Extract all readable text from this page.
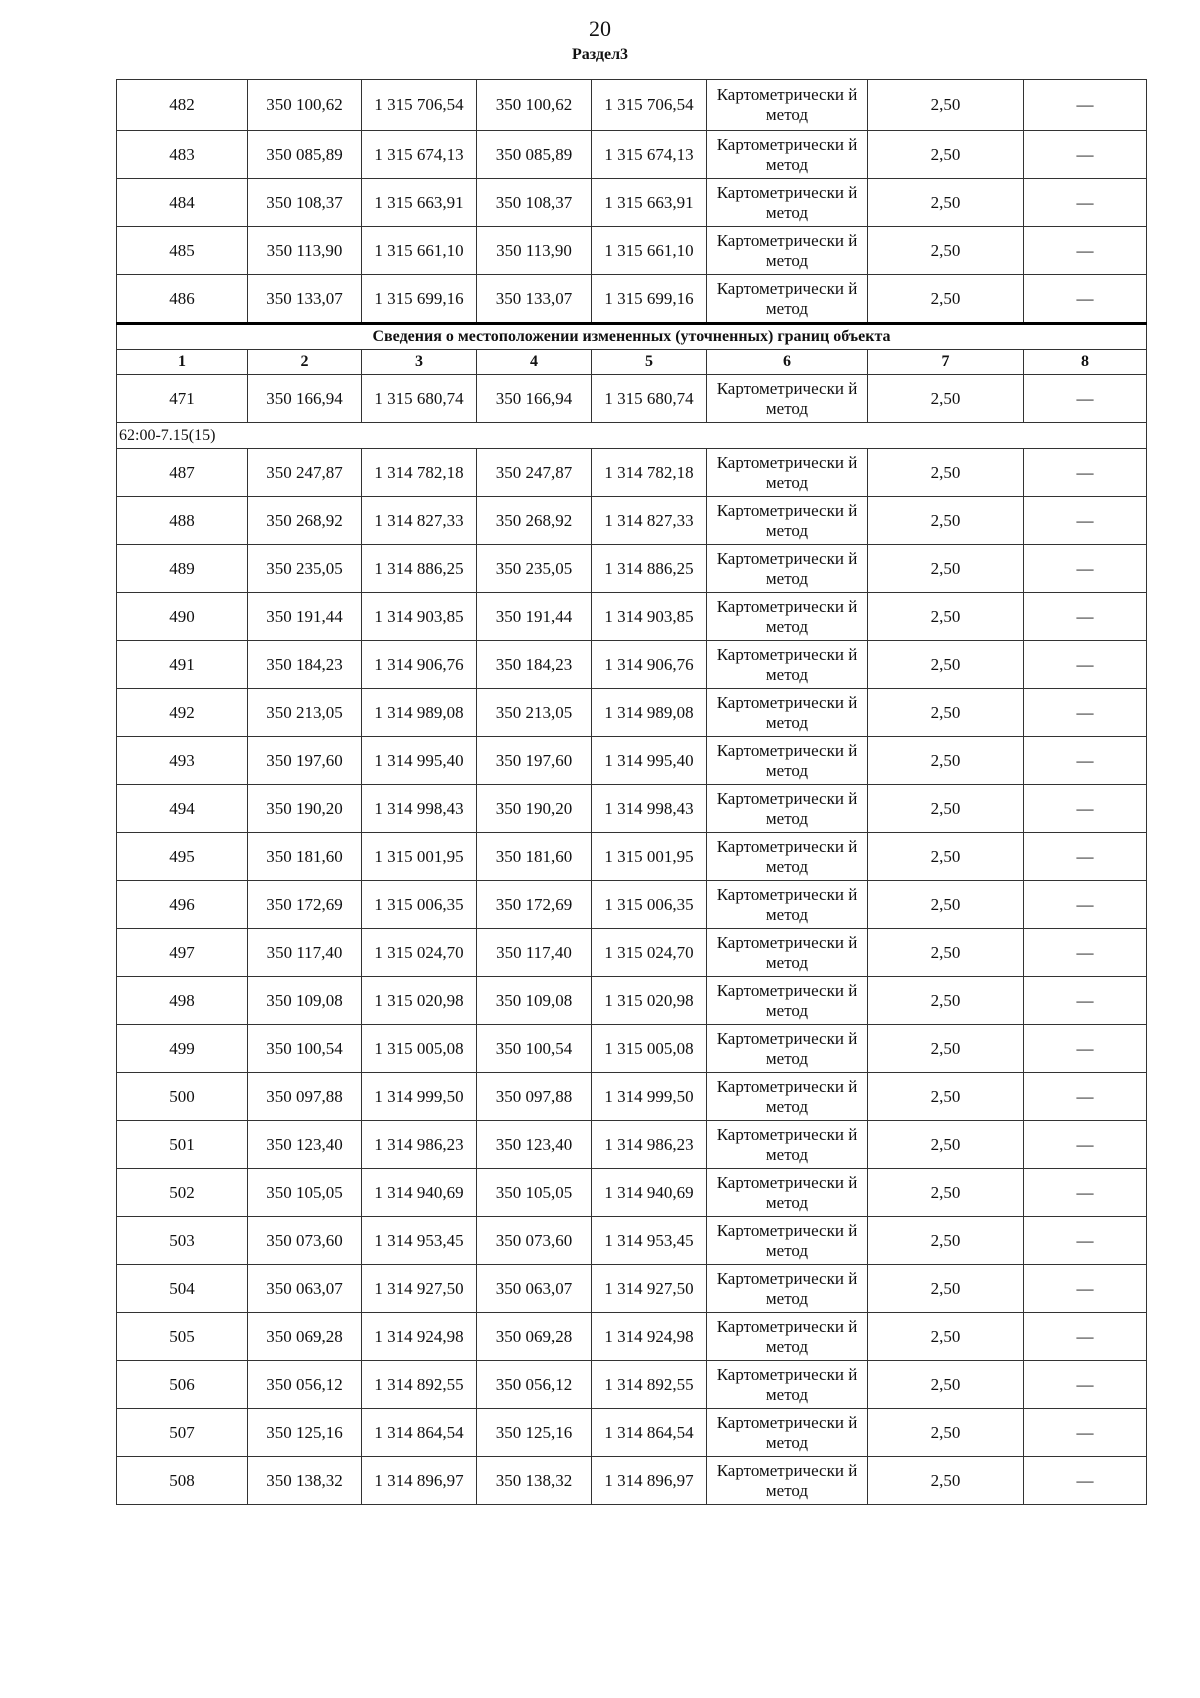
20
Раздел3
482	350 100,62	1 315 706,54	350 100,62	1 315 706,54	Картометрически й метод	2,50	—
483	350 085,89	1 315 674,13	350 085,89	1 315 674,13	Картометрически й метод	2,50	—
484	350 108,37	1 315 663,91	350 108,37	1 315 663,91	Картометрически й метод	2,50	—
485	350 113,90	1 315 661,10	350 113,90	1 315 661,10	Картометрически й метод	2,50	—
486	350 133,07	1 315 699,16	350 133,07	1 315 699,16	Картометрически й метод	2,50	—
Сведения о местоположении измененных (уточненных) границ объекта							
1	2	3	4	5	6	7	8
471	350 166,94	1 315 680,74	350 166,94	1 315 680,74	Картометрически й метод	2,50	—
62:00-7.15(15)							
487	350 247,87	1 314 782,18	350 247,87	1 314 782,18	Картометрически й метод	2,50	—
488	350 268,92	1 314 827,33	350 268,92	1 314 827,33	Картометрически й метод	2,50	—
489	350 235,05	1 314 886,25	350 235,05	1 314 886,25	Картометрически й метод	2,50	—
490	350 191,44	1 314 903,85	350 191,44	1 314 903,85	Картометрически й метод	2,50	—
491	350 184,23	1 314 906,76	350 184,23	1 314 906,76	Картометрически й метод	2,50	—
492	350 213,05	1 314 989,08	350 213,05	1 314 989,08	Картометрически й метод	2,50	—
493	350 197,60	1 314 995,40	350 197,60	1 314 995,40	Картометрически й метод	2,50	—
494	350 190,20	1 314 998,43	350 190,20	1 314 998,43	Картометрически й метод	2,50	—
495	350 181,60	1 315 001,95	350 181,60	1 315 001,95	Картометрически й метод	2,50	—
496	350 172,69	1 315 006,35	350 172,69	1 315 006,35	Картометрически й метод	2,50	—
497	350 117,40	1 315 024,70	350 117,40	1 315 024,70	Картометрически й метод	2,50	—
498	350 109,08	1 315 020,98	350 109,08	1 315 020,98	Картометрически й метод	2,50	—
499	350 100,54	1 315 005,08	350 100,54	1 315 005,08	Картометрически й метод	2,50	—
500	350 097,88	1 314 999,50	350 097,88	1 314 999,50	Картометрически й метод	2,50	—
501	350 123,40	1 314 986,23	350 123,40	1 314 986,23	Картометрически й метод	2,50	—
502	350 105,05	1 314 940,69	350 105,05	1 314 940,69	Картометрически й метод	2,50	—
503	350 073,60	1 314 953,45	350 073,60	1 314 953,45	Картометрически й метод	2,50	—
504	350 063,07	1 314 927,50	350 063,07	1 314 927,50	Картометрически й метод	2,50	—
505	350 069,28	1 314 924,98	350 069,28	1 314 924,98	Картометрически й метод	2,50	—
506	350 056,12	1 314 892,55	350 056,12	1 314 892,55	Картометрически й метод	2,50	—
507	350 125,16	1 314 864,54	350 125,16	1 314 864,54	Картометрически й метод	2,50	—
508	350 138,32	1 314 896,97	350 138,32	1 314 896,97	Картометрически й метод	2,50	—
